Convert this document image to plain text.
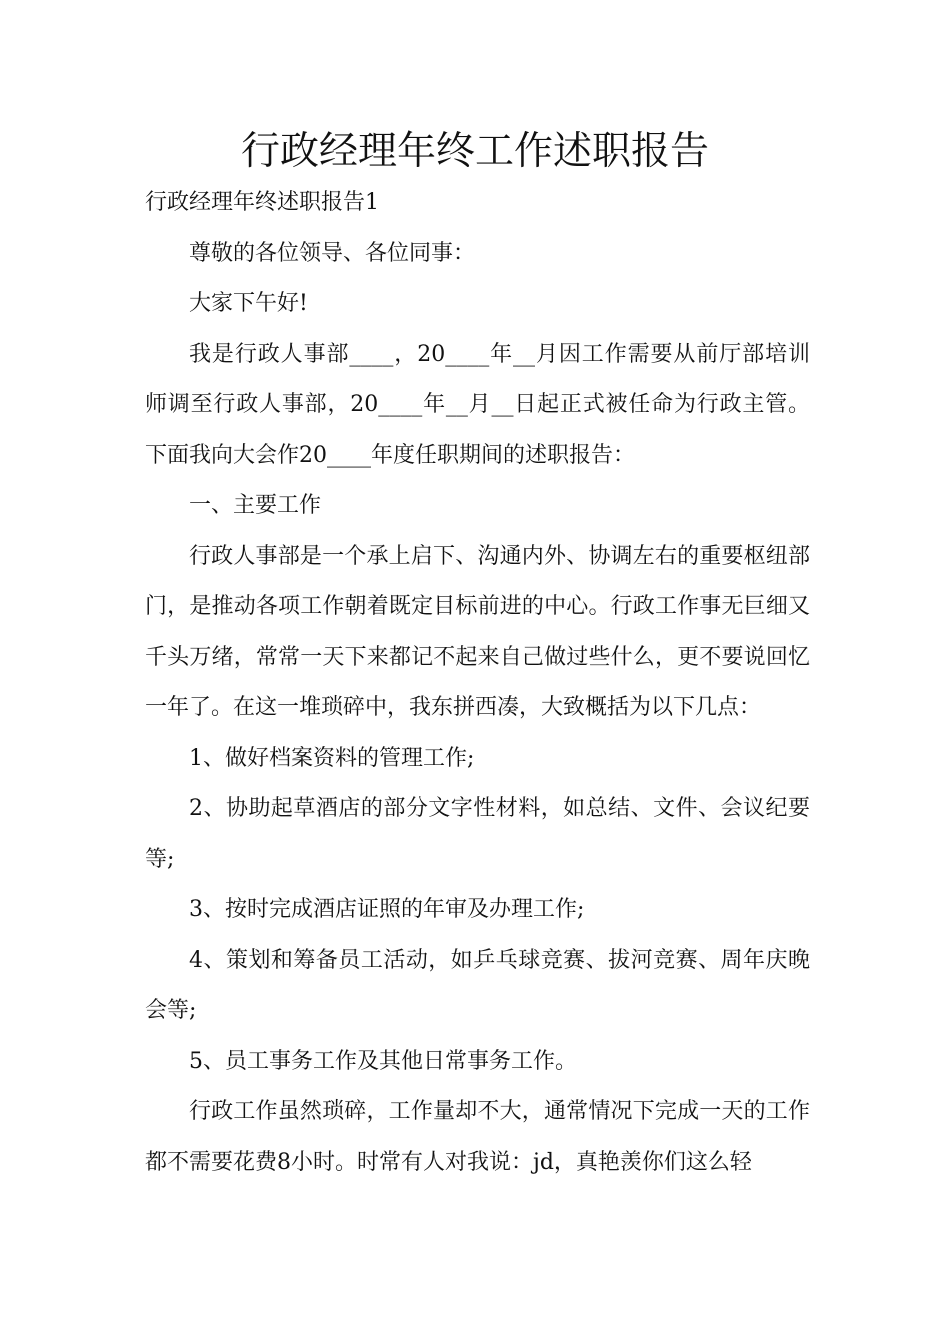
行政经理年终工作述职报告

行政经理年终述职报告1

尊敬的各位领导、各位同事：

大家下午好!

我是行政人事部____，20____年__月因工作需要从前厅部培训师调至行政人事部，20____年__月__日起正式被任命为行政主管。下面我向大会作20____年度任职期间的述职报告：

一、主要工作

行政人事部是一个承上启下、沟通内外、协调左右的重要枢纽部门，是推动各项工作朝着既定目标前进的中心。行政工作事无巨细又千头万绪，常常一天下来都记不起来自己做过些什么，更不要说回忆一年了。在这一堆琐碎中，我东拼西凑，大致概括为以下几点：

1、做好档案资料的管理工作;

2、协助起草酒店的部分文字性材料，如总结、文件、会议纪要等;

3、按时完成酒店证照的年审及办理工作;

4、策划和筹备员工活动，如乒乓球竞赛、拔河竞赛、周年庆晚会等;

5、员工事务工作及其他日常事务工作。

行政工作虽然琐碎，工作量却不大，通常情况下完成一天的工作都不需要花费8小时。时常有人对我说：jd，真艳羡你们这么轻
